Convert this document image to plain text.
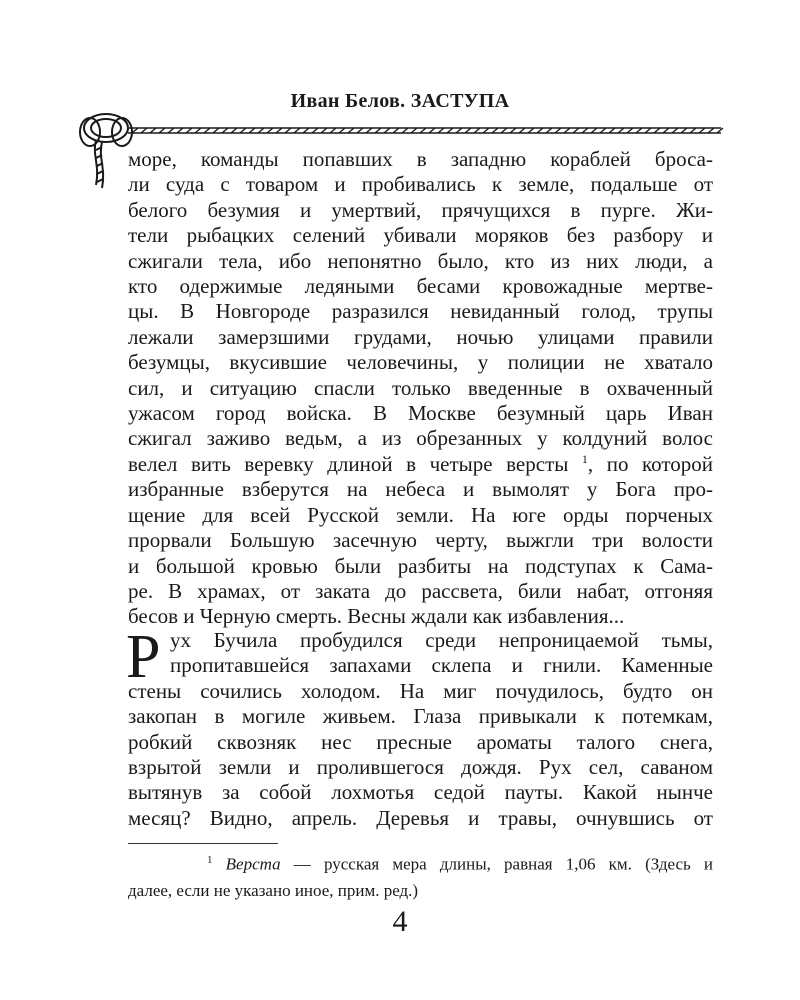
Иван Белов. ЗАСТУПА
море, команды попавших в западню кораблей броса-
ли суда с товаром и пробивались к земле, подальше от
белого безумия и умертвий, прячущихся в пурге. Жи-
тели рыбацких селений убивали моряков без разбору и
сжигали тела, ибо непонятно было, кто из них люди, а
кто одержимые ледяными бесами кровожадные мертве-
цы. В Новгороде разразился невиданный голод, трупы
лежали замерзшими грудами, ночью улицами правили
безумцы, вкусившие человечины, у полиции не хватало
сил, и ситуацию спасли только введенные в охваченный
ужасом город войска. В Москве безумный царь Иван
сжигал заживо ведьм, а из обрезанных у колдуний волос
велел вить веревку длиной в четыре версты $^1$, по которой
избранные взберутся на небеса и вымолят у Бога про-
щение для всей Русской земли. На юге орды порченых
прорвали Большую засечную черту, выжгли три волости
и большой кровью были разбиты на подступах к Сама-
ре. В храмах, от заката до рассвета, били набат, отгоняя
бесов и Черную смерть. Весны ждали как избавления...
Р ух Бучила пробудился среди непроницаемой тьмы,
пропитавшейся запахами склепа и гнили. Каменные
стены сочились холодом. На миг почудилось, будто он
закопан в могиле живьем. Глаза привыкали к потемкам,
робкий сквозняк нес пресные ароматы талого снега,
взрытой земли и пролившегося дождя. Рух сел, саваном
вытянув за собой лохмотья седой пауты. Какой нынче
месяц? Видно, апрель. Деревья и травы, очнувшись от
$^1$ Верста — русская мера длины, равная 1,06 км. (Здесь и
далее, если не указано иное, прим. ред.)
4
